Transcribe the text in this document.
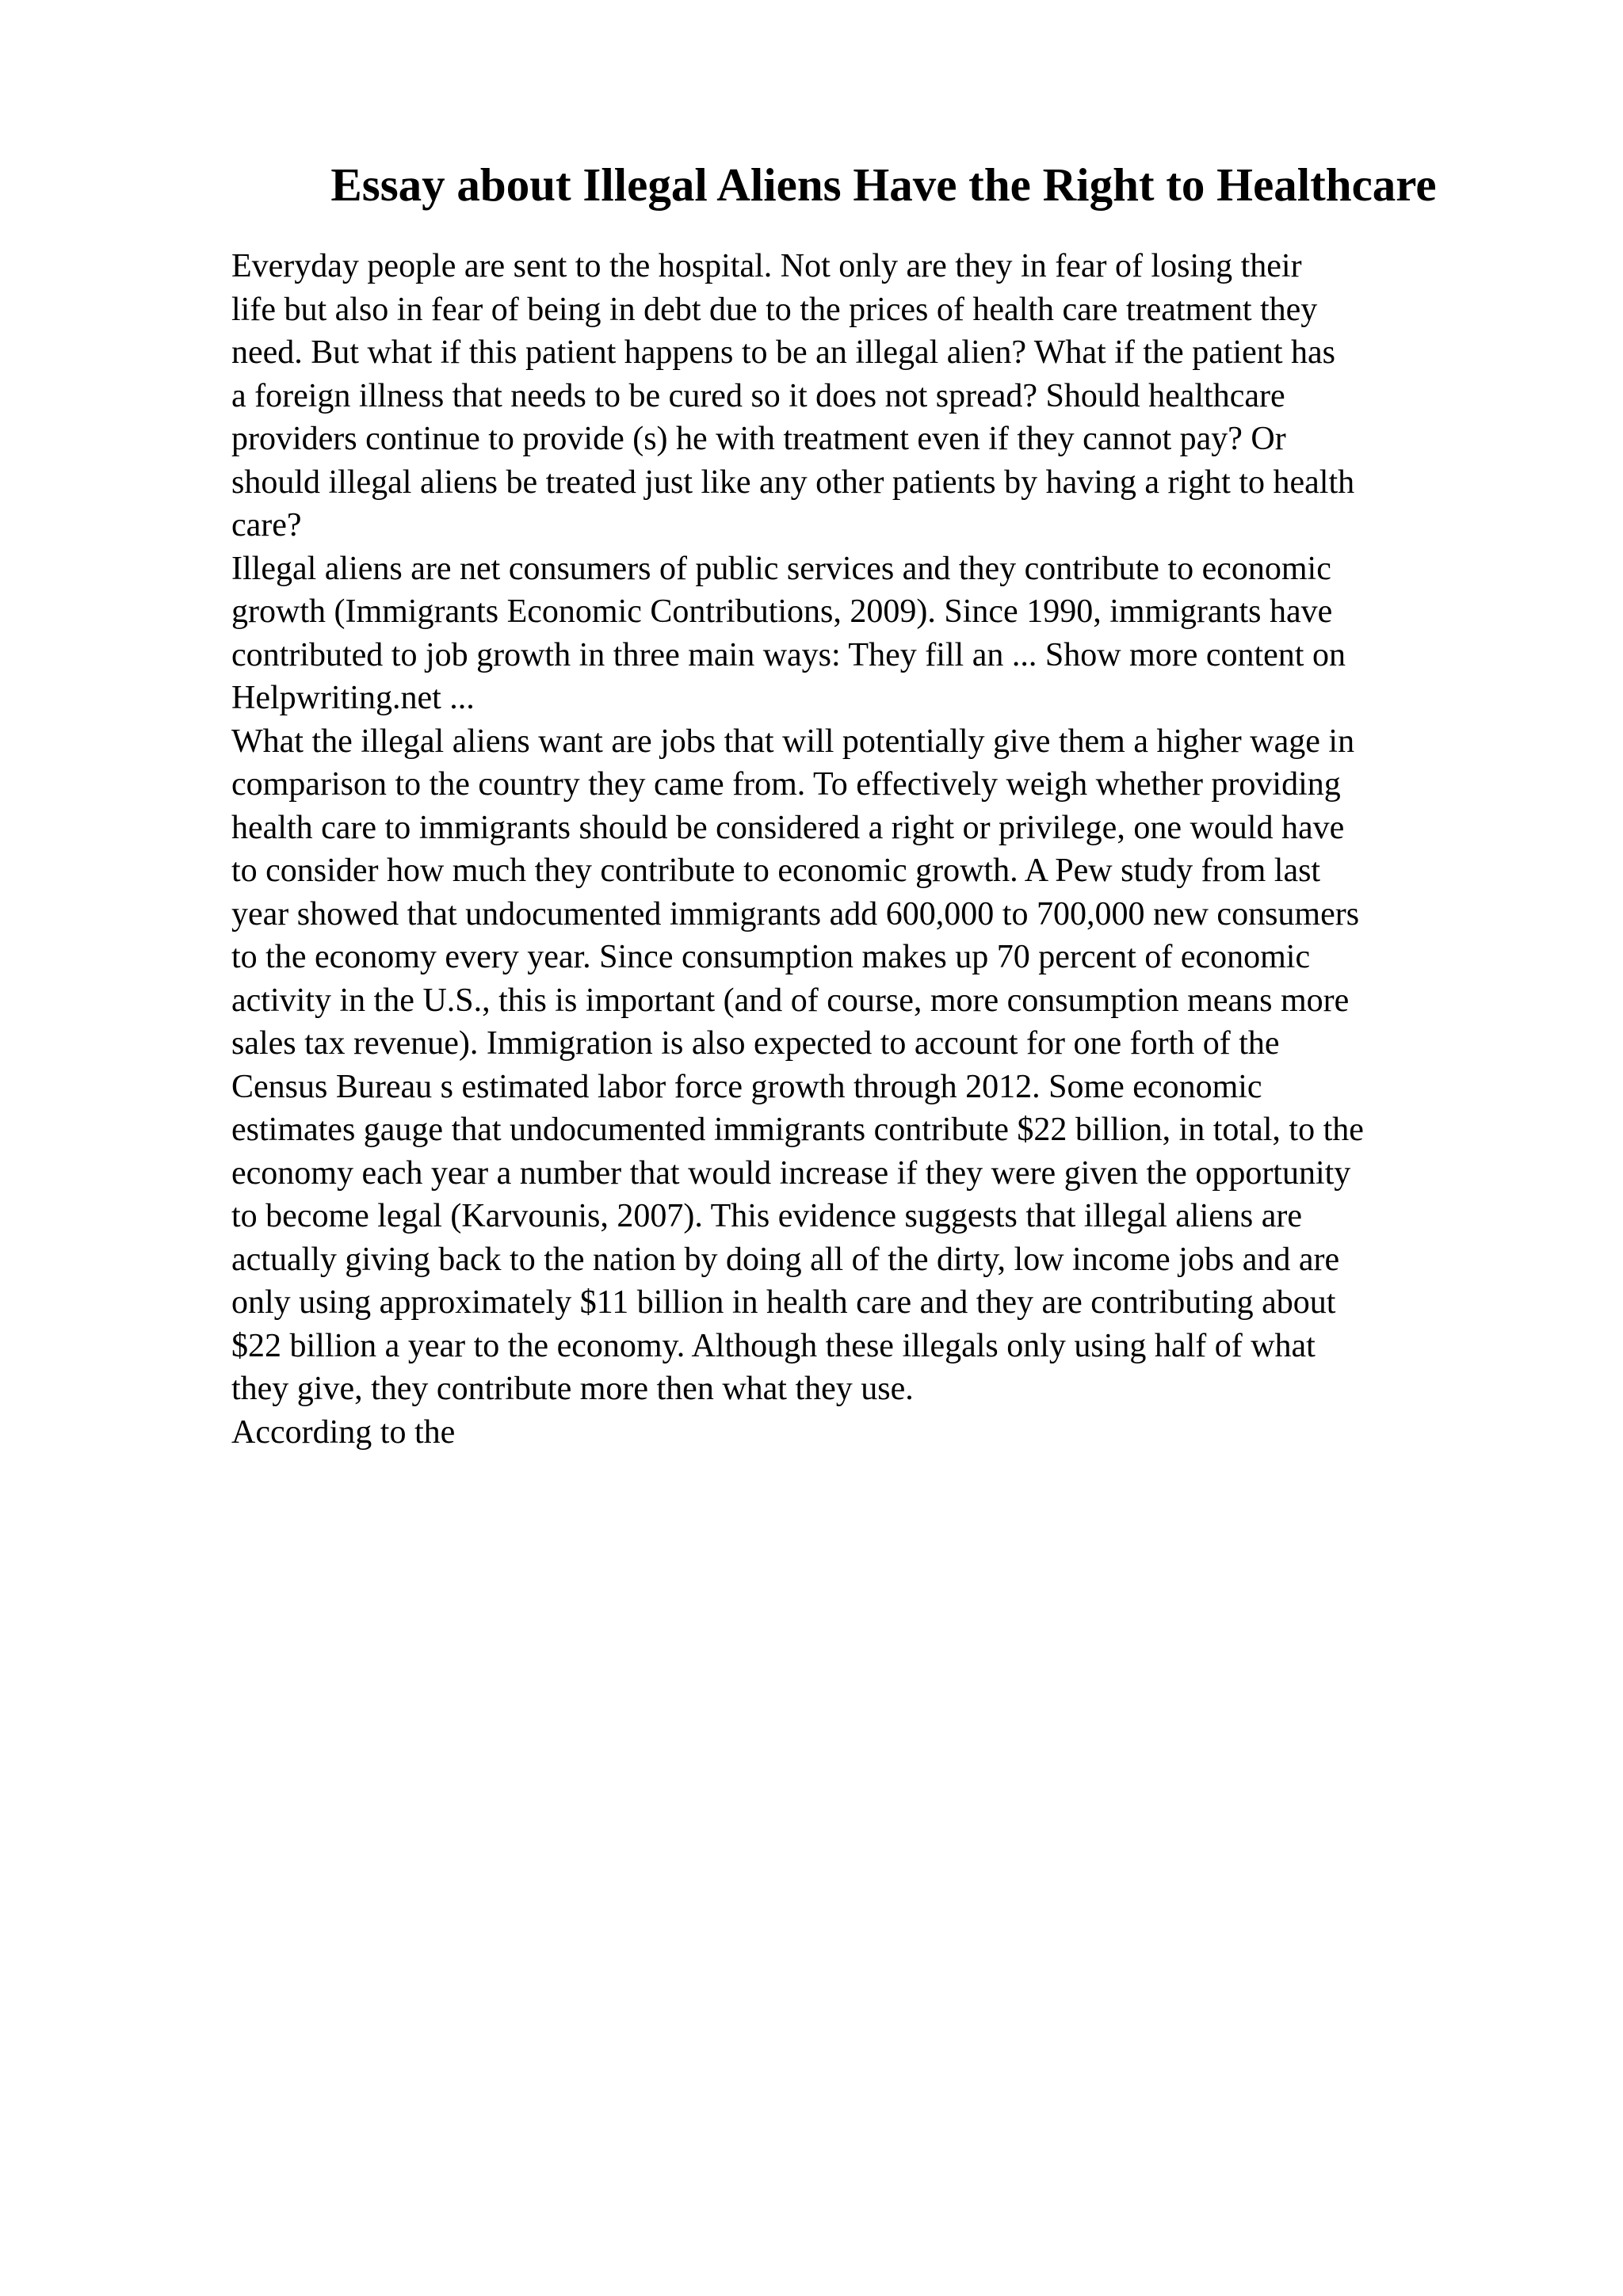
Essay about Illegal Aliens Have the Right to Healthcare
Everyday people are sent to the hospital. Not only are they in fear of losing their
life but also in fear of being in debt due to the prices of health care treatment they
need. But what if this patient happens to be an illegal alien? What if the patient has
a foreign illness that needs to be cured so it does not spread? Should healthcare
providers continue to provide (s) he with treatment even if they cannot pay? Or
should illegal aliens be treated just like any other patients by having a right to health
care?
Illegal aliens are net consumers of public services and they contribute to economic
growth (Immigrants Economic Contributions, 2009). Since 1990, immigrants have
contributed to job growth in three main ways: They fill an ... Show more content on
Helpwriting.net ...
What the illegal aliens want are jobs that will potentially give them a higher wage in
comparison to the country they came from. To effectively weigh whether providing
health care to immigrants should be considered a right or privilege, one would have
to consider how much they contribute to economic growth. A Pew study from last
year showed that undocumented immigrants add 600,000 to 700,000 new consumers
to the economy every year. Since consumption makes up 70 percent of economic
activity in the U.S., this is important (and of course, more consumption means more
sales tax revenue). Immigration is also expected to account for one forth of the
Census Bureau s estimated labor force growth through 2012. Some economic
estimates gauge that undocumented immigrants contribute $22 billion, in total, to the
economy each year a number that would increase if they were given the opportunity
to become legal (Karvounis, 2007). This evidence suggests that illegal aliens are
actually giving back to the nation by doing all of the dirty, low income jobs and are
only using approximately $11 billion in health care and they are contributing about
$22 billion a year to the economy. Although these illegals only using half of what
they give, they contribute more then what they use.
According to the
